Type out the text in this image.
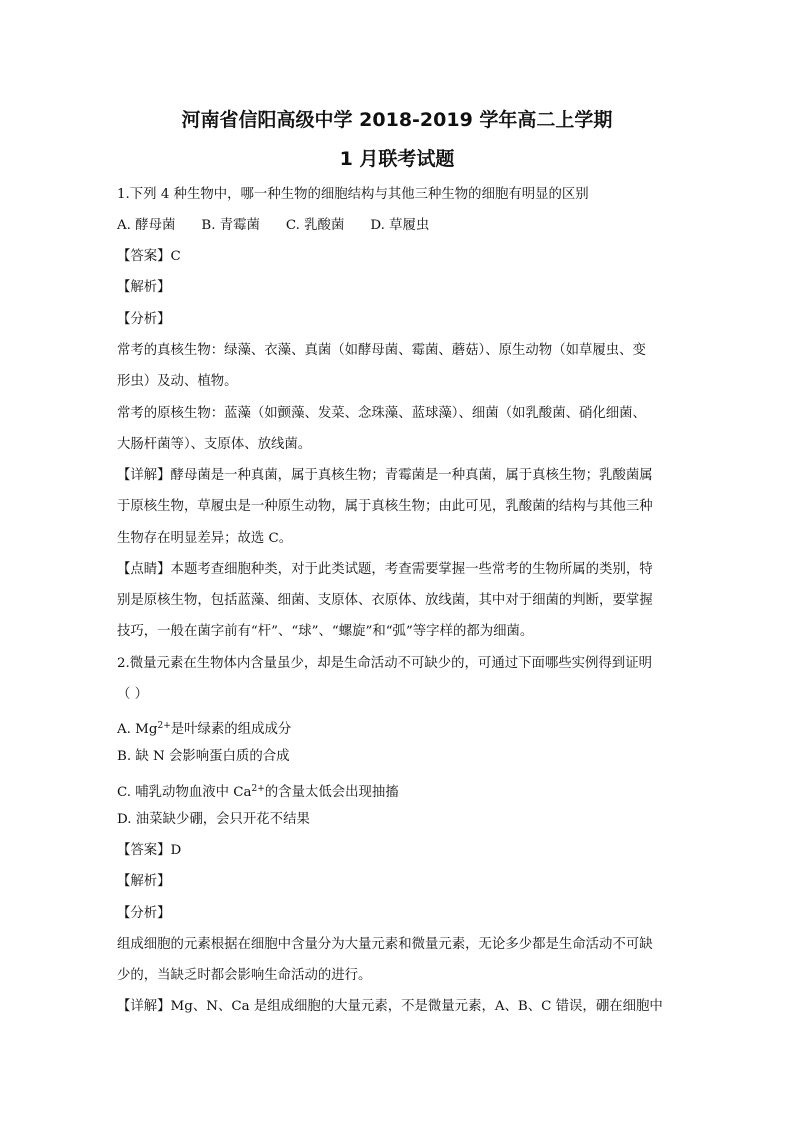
河南省信阳高级中学 2018-2019 学年高二上学期
1 月联考试题
1.下列 4 种生物中，哪一种生物的细胞结构与其他三种生物的细胞有明显的区别
A. 酵母菌 B. 青霉菌 C. 乳酸菌 D. 草履虫
【答案】C
【解析】
【分析】
常考的真核生物：绿藻、衣藻、真菌（如酵母菌、霉菌、蘑菇）、原生动物（如草履虫、变
形虫）及动、植物。
常考的原核生物：蓝藻（如颤藻、发菜、念珠藻、蓝球藻）、细菌（如乳酸菌、硝化细菌、
大肠杆菌等）、支原体、放线菌。
【详解】酵母菌是一种真菌，属于真核生物；青霉菌是一种真菌，属于真核生物；乳酸菌属
于原核生物，草履虫是一种原生动物，属于真核生物；由此可见，乳酸菌的结构与其他三种
生物存在明显差异；故选 C。
【点睛】本题考查细胞种类，对于此类试题，考查需要掌握一些常考的生物所属的类别，特
别是原核生物，包括蓝藻、细菌、支原体、衣原体、放线菌，其中对于细菌的判断，要掌握
技巧，一般在菌字前有“杆”、“球”、“螺旋”和“弧”等字样的都为细菌。
2.微量元素在生物体内含量虽少，却是生命活动不可缺少的，可通过下面哪些实例得到证明
（ ）
A. $Mg^{2+}$是叶绿素的组成成分
B. 缺 N 会影响蛋白质的合成
C. 哺乳动物血液中 $Ca^{2+}$的含量太低会出现抽搐
D. 油菜缺少硼，会只开花不结果
【答案】D
【解析】
【分析】
组成细胞的元素根据在细胞中含量分为大量元素和微量元素，无论多少都是生命活动不可缺
少的，当缺乏时都会影响生命活动的进行。
【详解】Mg、N、Ca 是组成细胞的大量元素，不是微量元素，A、B、C 错误，硼在细胞中
